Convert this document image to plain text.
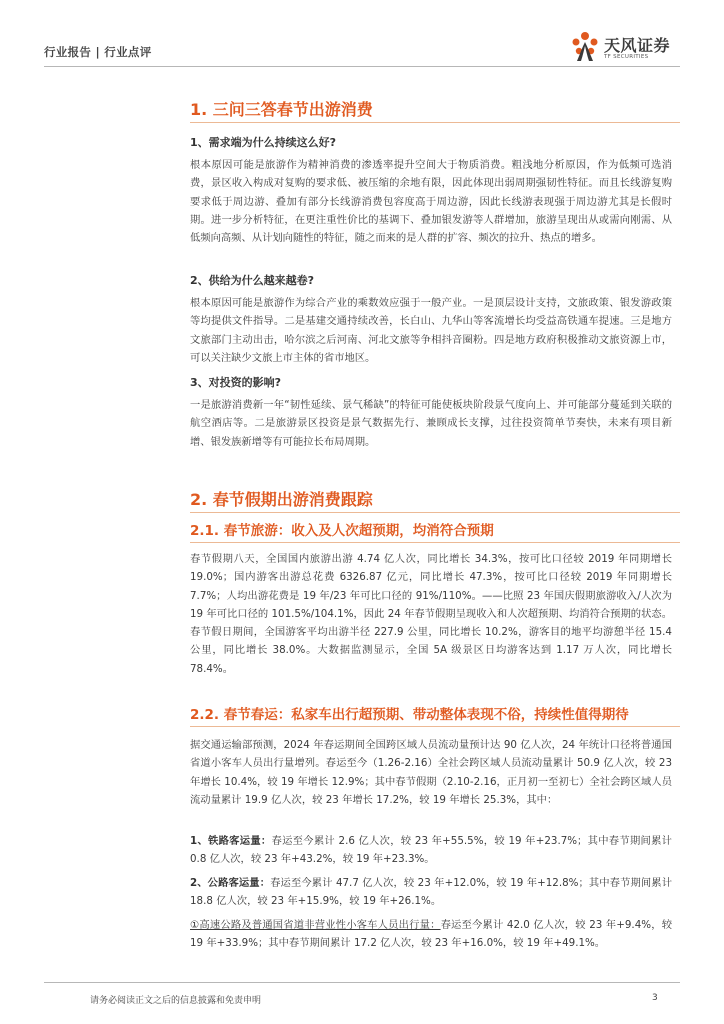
行业报告 | 行业点评	天风证券
TF SECURITIES
1. 三问三答春节出游消费
1、需求端为什么持续这么好?

根本原因可能是旅游作为精神消费的渗透率提升空间大于物质消费。粗浅地分析原因，作为低频可选消费，景区收入构成对复购的要求低、被压缩的余地有限，因此体现出弱周期强韧性特征。而且长线游复购要求低于周边游、叠加有部分长线游消费包容度高于周边游，因此长线游表现强于周边游尤其是长假时期。进一步分析特征，在更注重性价比的基调下、叠加银发游等人群增加，旅游呈现出从或需向刚需、从低频向高频、从计划向随性的特征，随之而来的是人群的扩容、频次的拉升、热点的增多。

2、供给为什么越来越卷?

根本原因可能是旅游作为综合产业的乘数效应强于一般产业。一是顶层设计支持，文旅政策、银发游政策等均提供文件指导。二是基建交通持续改善，长白山、九华山等客流增长均受益高铁通车提速。三是地方文旅部门主动出击，哈尔滨之后河南、河北文旅等争相抖音圈粉。四是地方政府积极推动文旅资源上市，可以关注缺少文旅上市主体的省市地区。

3、对投资的影响?

一是旅游消费新一年“韧性延续、景气稀缺”的特征可能使板块阶段景气度向上、并可能部分蔓延到关联的航空酒店等。二是旅游景区投资是景气数据先行、兼顾成长支撑，过往投资简单节奏快，未来有项目新增、银发族新增等有可能拉长布局周期。

2. 春节假期出游消费跟踪
2.1. 春节旅游：收入及人次超预期，均消符合预期

春节假期八天，全国国内旅游出游 4.74 亿人次，同比增长 34.3%，按可比口径较 2019 年同期增长 19.0%；国内游客出游总花费 6326.87 亿元，同比增长 47.3%，按可比口径较 2019 年同期增长 7.7%；人均出游花费是 19 年/23 年可比口径的 91%/110%。——比照 23 年国庆假期旅游收入/人次为 19 年可比口径的 101.5%/104.1%，因此 24 年春节假期呈现收入和人次超预期、均消符合预期的状态。春节假日期间，全国游客平均出游半径 227.9 公里，同比增长 10.2%，游客目的地平均游憩半径 15.4 公里，同比增长 38.0%。大数据监测显示，全国 5A 级景区日均游客达到 1.17 万人次，同比增长 78.4%。

2.2. 春节春运：私家车出行超预期、带动整体表现不俗，持续性值得期待

据交通运输部预测，2024 年春运期间全国跨区域人员流动量预计达 90 亿人次，24 年统计口径将普通国省道小客车人员出行量增列。春运至今（1.26-2.16）全社会跨区域人员流动量累计 50.9 亿人次，较 23 年增长 10.4%，较 19 年增长 12.9%；其中春节假期（2.10-2.16，正月初一至初七）全社会跨区域人员流动量累计 19.9 亿人次，较 23 年增长 17.2%，较 19 年增长 25.3%，其中：

1、铁路客运量：春运至今累计 2.6 亿人次，较 23 年+55.5%，较 19 年+23.7%；其中春节期间累计 0.8 亿人次，较 23 年+43.2%，较 19 年+23.3%。

2、公路客运量：春运至今累计 47.7 亿人次，较 23 年+12.0%，较 19 年+12.8%；其中春节期间累计 18.8 亿人次，较 23 年+15.9%，较 19 年+26.1%。

①高速公路及普通国省道非营业性小客车人员出行量：春运至今累计 42.0 亿人次，较 23 年+9.4%，较 19 年+33.9%；其中春节期间累计 17.2 亿人次，较 23 年+16.0%，较 19 年+49.1%。

请务必阅读正文之后的信息披露和免责申明	3
